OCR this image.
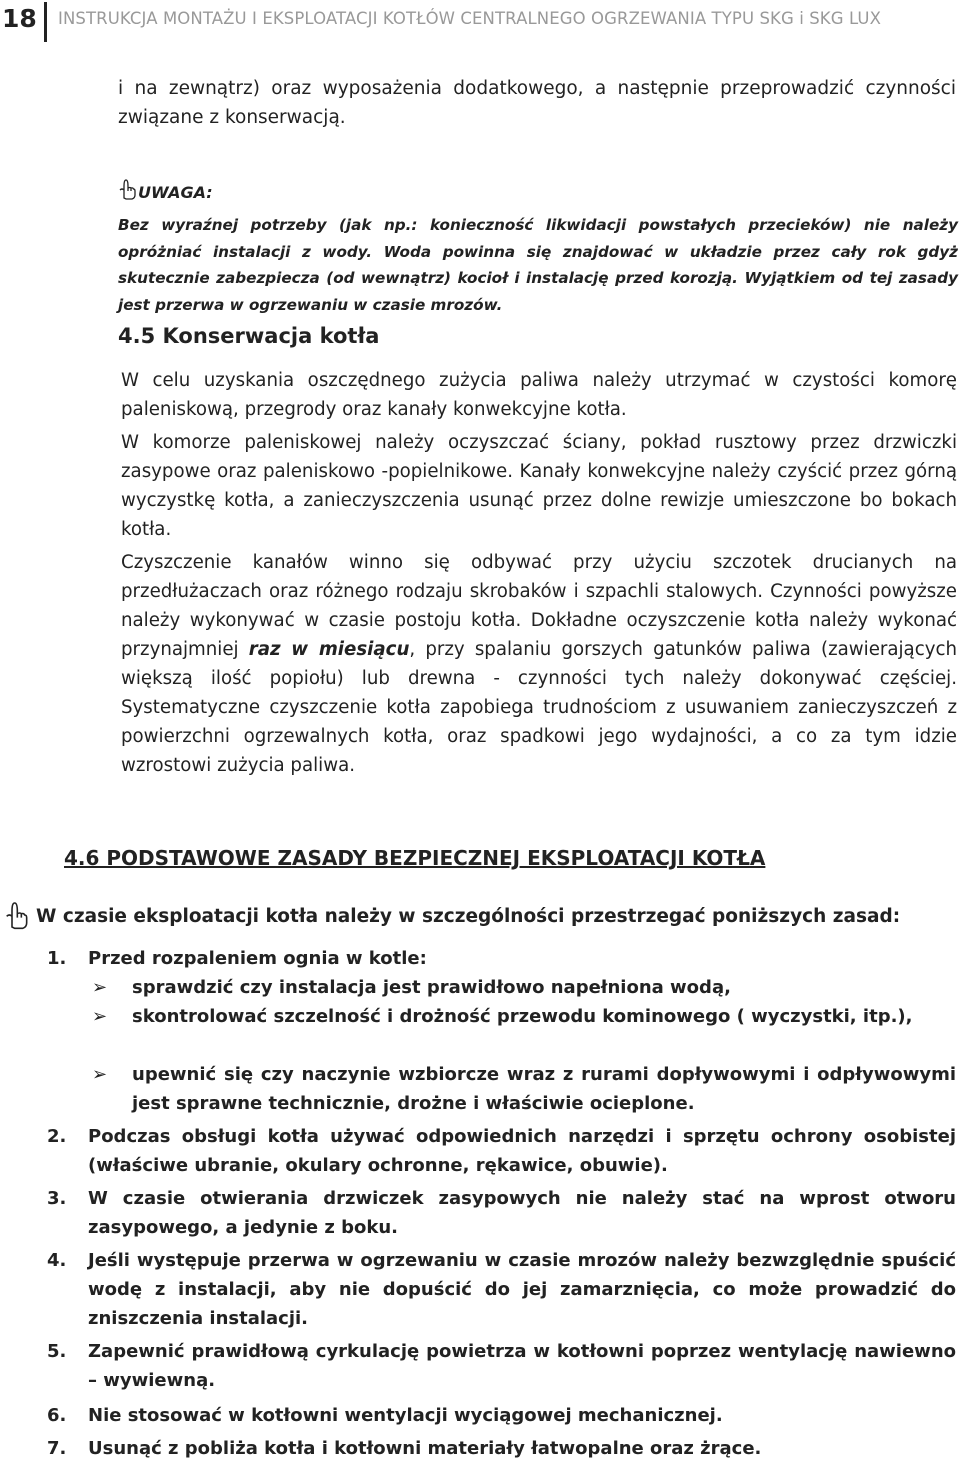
18 INSTRUKCJA MONTAŻU I EKSPLOATACJI KOTŁÓW CENTRALNEGO OGRZEWANIA TYPU SKG i SKG LUX
i na zewnątrz) oraz wyposażenia dodatkowego, a następnie przeprowadzić czynności związane z konserwacją.
UWAGA:
Bez wyraźnej potrzeby (jak np.: konieczność likwidacji powstałych przecieków) nie należy opróżniać instalacji z wody. Woda powinna się znajdować w układzie przez cały rok gdyż skutecznie zabezpiecza (od wewnątrz) kocioł i instalację przed korozją. Wyjątkiem od tej zasady jest przerwa w ogrzewaniu w czasie mrozów.
4.5 Konserwacja kotła
W celu uzyskania oszczędnego zużycia paliwa należy utrzymać w czystości komorę paleniskową, przegrody oraz kanały konwekcyjne kotła.
W komorze paleniskowej należy oczyszczać ściany, pokład rusztowy przez drzwiczki zasypowe oraz paleniskowo -popielnikowe. Kanały konwekcyjne należy czyścić przez górną wyczystkę kotła, a zanieczyszczenia usunąć przez dolne rewizje umieszczone bo bokach kotła.
Czyszczenie kanałów winno się odbywać przy użyciu szczotek drucianych na przedłużaczach oraz różnego rodzaju skrobaków i szpachli stalowych. Czynności powyższe należy wykonywać w czasie postoju kotła. Dokładne oczyszczenie kotła należy wykonać przynajmniej raz w miesiącu, przy spalaniu gorszych gatunków paliwa (zawierających większą ilość popiołu) lub drewna - czynności tych należy dokonywać częściej. Systematyczne czyszczenie kotła zapobiega trudnościom z usuwaniem zanieczyszczeń z powierzchni ogrzewalnych kotła, oraz spadkowi jego wydajności, a co za tym idzie wzrostowi zużycia paliwa.
4.6 PODSTAWOWE ZASADY BEZPIECZNEJ EKSPLOATACJI KOTŁA
W czasie eksploatacji kotła należy w szczególności przestrzegać poniższych zasad:
1. Przed rozpaleniem ognia w kotle:
➢ sprawdzić czy instalacja jest prawidłowo napełniona wodą,
➢ skontrolować szczelność i drożność przewodu kominowego ( wyczystki, itp.),
➢ upewnić się czy naczynie wzbiorcze wraz z rurami dopływowymi i odpływowymi jest sprawne technicznie, drożne i właściwie ocieplone.
2. Podczas obsługi kotła używać odpowiednich narzędzi i sprzętu ochrony osobistej (właściwe ubranie, okulary ochronne, rękawice, obuwie).
3. W czasie otwierania drzwiczek zasypowych nie należy stać na wprost otworu zasypowego, a jedynie z boku.
4. Jeśli występuje przerwa w ogrzewaniu w czasie mrozów należy bezwzględnie spuścić wodę z instalacji, aby nie dopuścić do jej zamarznięcia, co może prowadzić do zniszczenia instalacji.
5. Zapewnić prawidłową cyrkulację powietrza w kotłowni poprzez wentylację nawiewno – wywiewną.
6. Nie stosować w kotłowni wentylacji wyciągowej mechanicznej.
7. Usunąć z pobliża kotła i kotłowni materiały łatwopalne oraz żrące.
